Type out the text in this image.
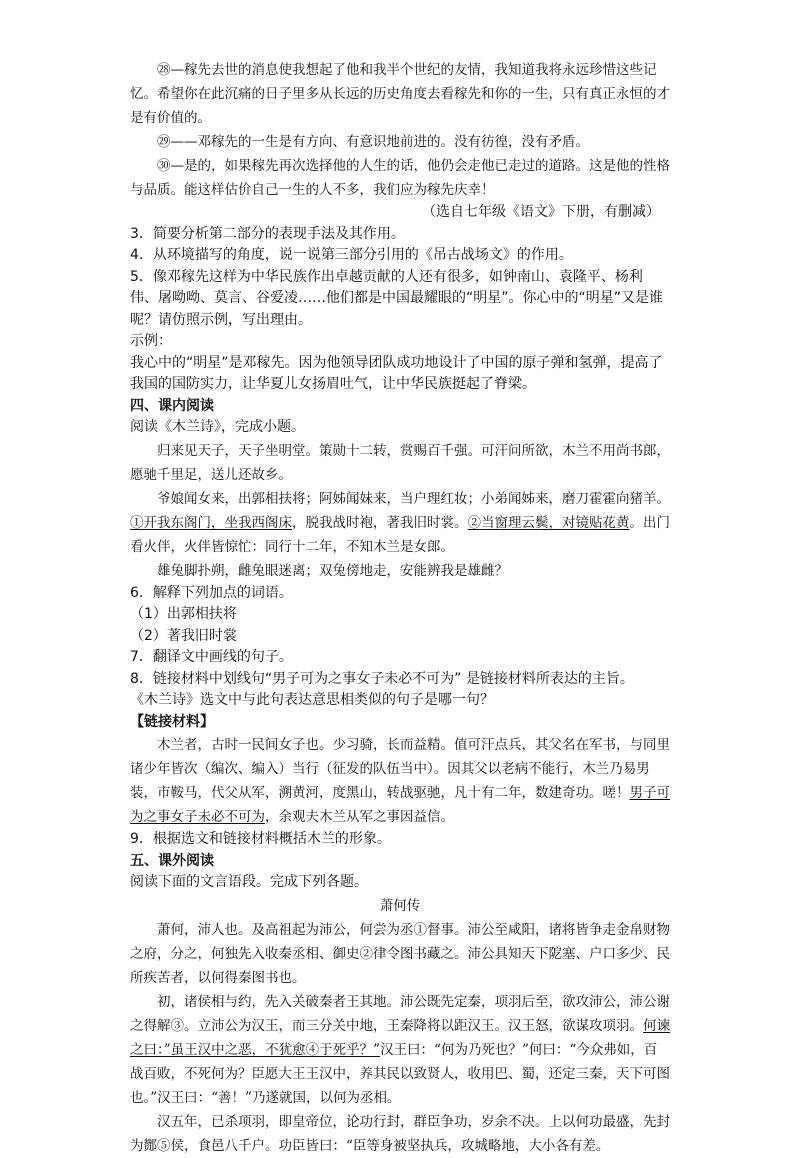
㉘—稼先去世的消息使我想起了他和我半个世纪的友情，我知道我将永远珍惜这些记忆。希望你在此沉痛的日子里多从长远的历史角度去看稼先和你的一生，只有真正永恒的才是有价值的。

㉙——邓稼先的一生是有方向、有意识地前进的。没有彷徨，没有矛盾。

㉚—是的，如果稼先再次选择他的人生的话，他仍会走他已走过的道路。这是他的性格与品质。能这样估价自己一生的人不多，我们应为稼先庆幸！

（选自七年级《语文》下册，有删减）

3．简要分析第二部分的表现手法及其作用。

4．从环境描写的角度，说一说第三部分引用的《吊古战场文》的作用。

5．像邓稼先这样为中华民族作出卓越贡献的人还有很多，如钟南山、袁隆平、杨利伟、屠呦呦、莫言、谷爱凌……他们都是中国最耀眼的“明星”。你心中的“明星”又是谁呢？请仿照示例，写出理由。

示例：

我心中的“明星”是邓稼先。因为他领导团队成功地设计了中国的原子弹和氢弹，提高了我国的国防实力，让华夏儿女扬眉吐气，让中华民族挺起了脊梁。

四、课内阅读

阅读《木兰诗》，完成小题。

归来见天子，天子坐明堂。策勋十二转，赏赐百千强。可汗问所欲，木兰不用尚书郎，愿驰千里足，送儿还故乡。

爷娘闻女来，出郭相扶将；阿姊闻妹来，当户理红妆；小弟闻姊来，磨刀霍霍向猪羊。①开我东阁门，坐我西阁床，脱我战时袍，著我旧时裳。②当窗理云鬓，对镜贴花黄。出门看火伴，火伴皆惊忙：同行十二年，不知木兰是女郎。

雄兔脚扑朔，雌兔眼迷离；双兔傍地走，安能辨我是雄雌？

6．解释下列加点的词语。

（1）出郭相扶将

（2）著我旧时裳

7．翻译文中画线的句子。

8．链接材料中划线句“男子可为之事女子未必不可为” 是链接材料所表达的主旨。

《木兰诗》选文中与此句表达意思相类似的句子是哪一句？

【链接材料】

木兰者，古时一民间女子也。少习骑，长而益精。值可汗点兵，其父名在军书，与同里诸少年皆次（编次、编入）当行（征发的队伍当中）。因其父以老病不能行，木兰乃易男装，市鞍马，代父从军，溯黄河，度黑山，转战驱驰，凡十有二年，数建奇功。嗟！男子可为之事女子未必不可为，余观夫木兰从军之事因益信。

9．根据选文和链接材料概括木兰的形象。

五、课外阅读

阅读下面的文言语段。完成下列各题。

萧何传

萧何，沛人也。及高祖起为沛公，何尝为丞①督事。沛公至咸阳，诸将皆争走金帛财物之府，分之，何独先入收秦丞相、御史②律令图书藏之。沛公具知天下阸塞、户口多少、民所疾苦者，以何得秦图书也。

初，诸侯相与约，先入关破秦者王其地。沛公既先定秦，项羽后至，欲攻沛公，沛公谢之得解③。立沛公为汉王，而三分关中地，王秦降将以距汉王。汉王怒，欲谋攻项羽。何谏之曰：”虽王汉中之恶，不犹愈④于死乎？”汉王曰：“何为乃死也？”何曰：“今众弗如，百战百败，不死何为？臣愿大王王汉中，养其民以致贤人，收用巴、蜀，还定三秦，天下可图也。”汉王曰：“善！”乃遂就国，以何为丞相。

汉五年，已杀项羽，即皇帝位，论功行封，群臣争功，岁余不决。上以何功最盛，先封为酂⑤侯，食邑八千户。功臣皆曰：“臣等身被坚执兵，攻城略地，大小各有差。
